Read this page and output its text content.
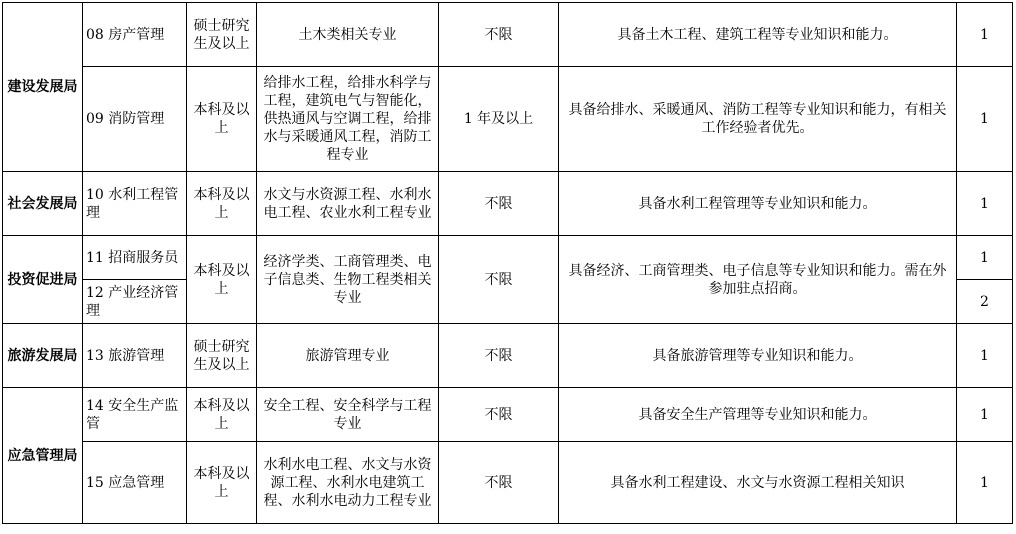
建设发展局	08 房产管理	硕士研究生及以上	土木类相关专业	不限	具备土木工程、建筑工程等专业知识和能力。	1
	09 消防管理	本科及以上	给排水工程，给排水科学与工程，建筑电气与智能化，供热通风与空调工程，给排水与采暖通风工程，消防工程专业	1 年及以上	具备给排水、采暖通风、消防工程等专业知识和能力，有相关工作经验者优先。	1
社会发展局	10 水利工程管理	本科及以上	水文与水资源工程、水利水电工程、农业水利工程专业	不限	具备水利工程管理等专业知识和能力。	1
投资促进局	11 招商服务员	本科及以上	经济学类、工商管理类、电子信息类、生物工程类相关专业	不限	具备经济、工商管理类、电子信息等专业知识和能力。需在外参加驻点招商。	1
	12 产业经济管理					2
旅游发展局	13 旅游管理	硕士研究生及以上	旅游管理专业	不限	具备旅游管理等专业知识和能力。	1
应急管理局	14 安全生产监管	本科及以上	安全工程、安全科学与工程专业	不限	具备安全生产管理等专业知识和能力。	1
	15 应急管理	本科及以上	水利水电工程、水文与水资源工程、水利水电建筑工程、水利水电动力工程专业	不限	具备水利工程建设、水文与水资源工程相关知识	1
